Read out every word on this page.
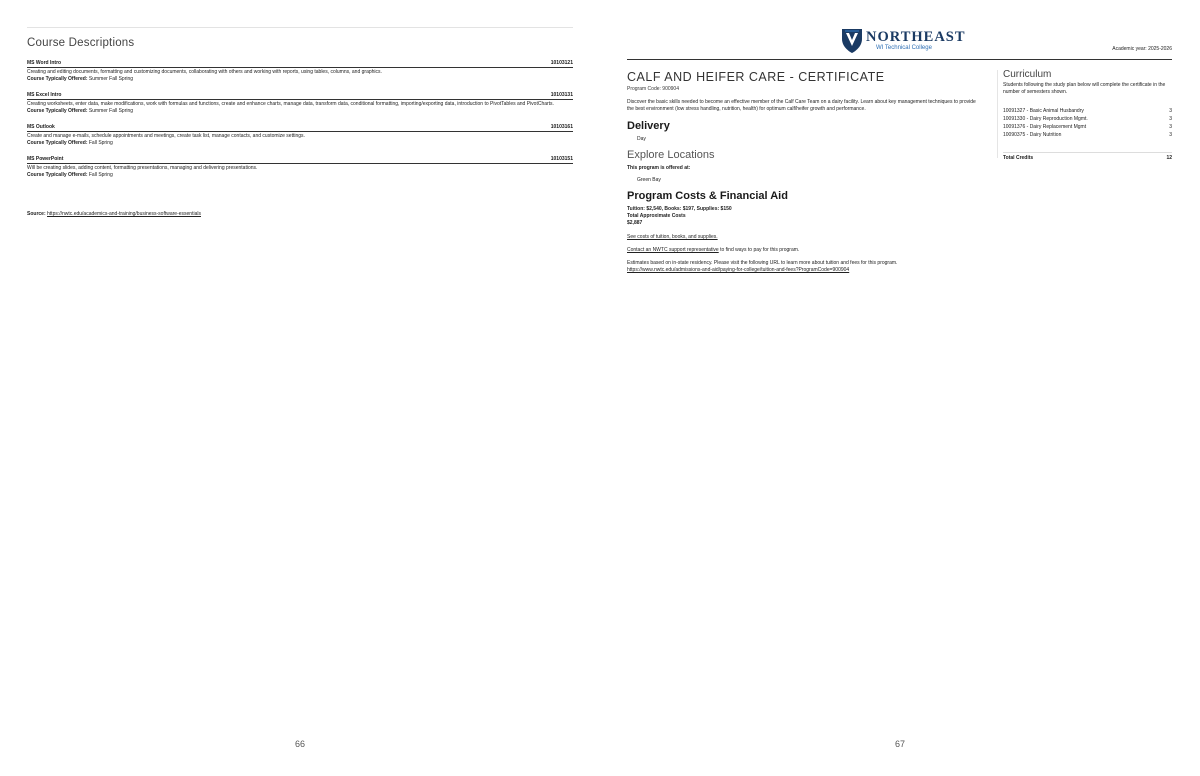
Course Descriptions
MS Word Intro	10103121
Creating and editing documents, formatting and customizing documents, collaborating with others and working with reports, using tables, columns, and graphics.
Course Typically Offered: Summer Fall Spring
MS Excel Intro	10103131
Creating worksheets, enter data, make modifications, work with formulas and functions, create and enhance charts, manage data, transform data, conditional formatting, importing/exporting data, introduction to PivotTables and PivotCharts.
Course Typically Offered: Summer Fall Spring
MS Outlook	10103161
Create and manage e-mails, schedule appointments and meetings, create task list, manage contacts, and customize settings.
Course Typically Offered: Fall Spring
MS PowerPoint	10103151
Will be creating slides, adding content, formatting presentations, managing and delivering presentations.
Course Typically Offered: Fall Spring
Source: https://nwtc.edu/academics-and-training/business-software-essentials
66
NORTHEAST
WI Technical College	Academic year: 2025-2026
CALF AND HEIFER CARE - CERTIFICATE
Program Code: 900904
Discover the basic skills needed to become an effective member of the Calf Care Team on a dairy facility. Learn about key management techniques to provide the best environment (low stress handling, nutrition, health) for optimum calf/heifer growth and performance.
Delivery
Day
Explore Locations
This program is offered at:
Green Bay
Program Costs & Financial Aid
Tuition: $2,540, Books: $197, Supplies: $150
Total Approximate Costs
$2,887
See costs of tuition, books, and supplies.
Contact an NWTC support representative to find ways to pay for this program.
Estimates based on in-state residency. Please visit the following URL to learn more about tuition and fees for this program.
https://www.nwtc.edu/admissions-and-aid/paying-for-college/tuition-and-fees?ProgramCode=900904
Curriculum
Students following the study plan below will complete the certificate in the number of semesters shown.
10091327 - Basic Animal Husbandry	3
10091330 - Dairy Reproduction Mgmt.	3
10091376 - Dairy Replacement Mgmt	3
10090375 - Dairy Nutrition	3
Total Credits	12
67
